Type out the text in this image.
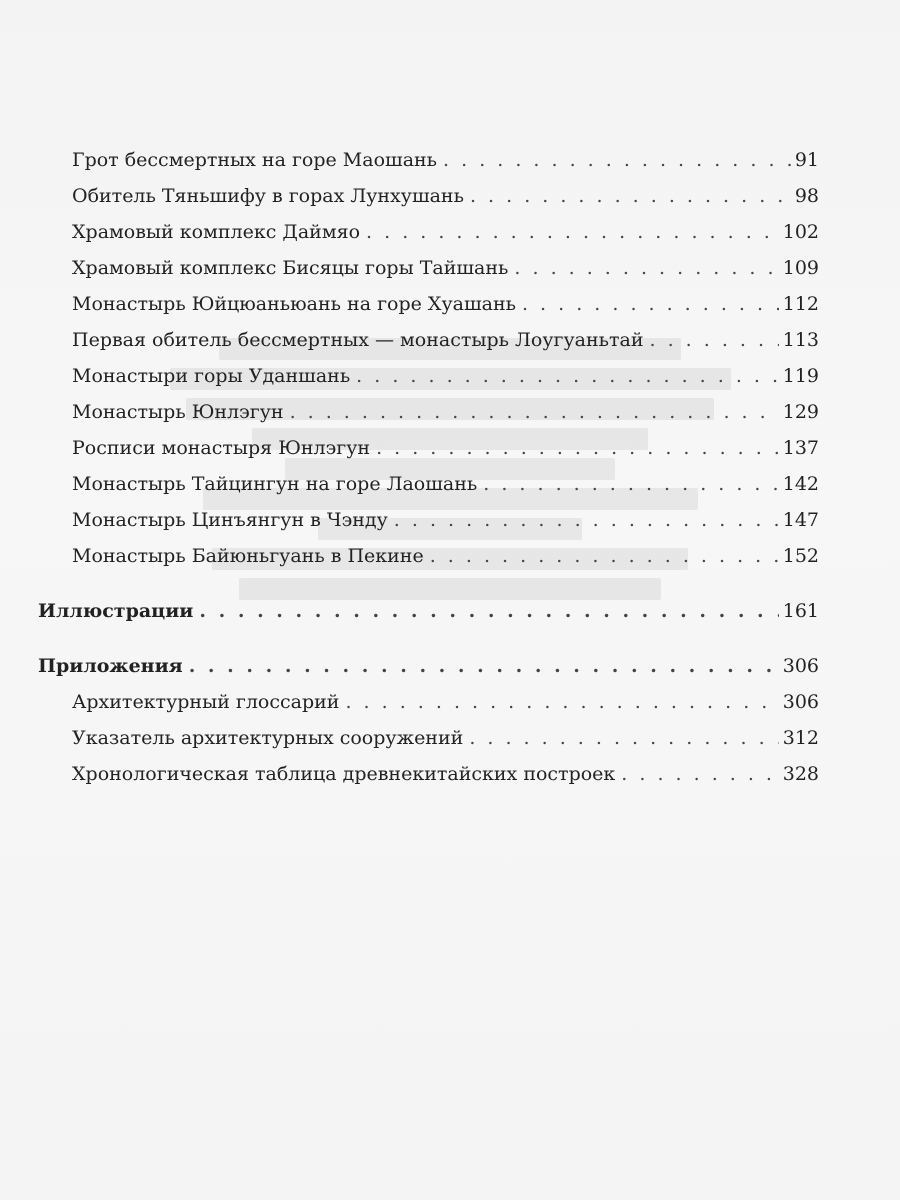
Грот бессмертных на горе Маошань . . .	91
Обитель Тяньшифу в горах Лунхушань . . .	98
Храмовый комплекс Даймяо . . .	102
Храмовый комплекс Бисяцы горы Тайшань . . .	109
Монастырь Юйцюаньюань на горе Хуашань . . .	112
Первая обитель бессмертных — монастырь Лоугуаньтай . . .	113
Монастыри горы Уданшань . . .	119
Монастырь Юнлэгун . . .	129
Росписи монастыря Юнлэгун . . .	137
Монастырь Тайцингун на горе Лаошань . . .	142
Монастырь Цинъянгун в Чэнду . . .	147
Монастырь Байюньгуань в Пекине . . .	152
Иллюстрации . . .	161
Приложения . . .	306
Архитектурный глоссарий . . .	306
Указатель архитектурных сооружений . . .	312
Хронологическая таблица древнекитайских построек . . .	328
